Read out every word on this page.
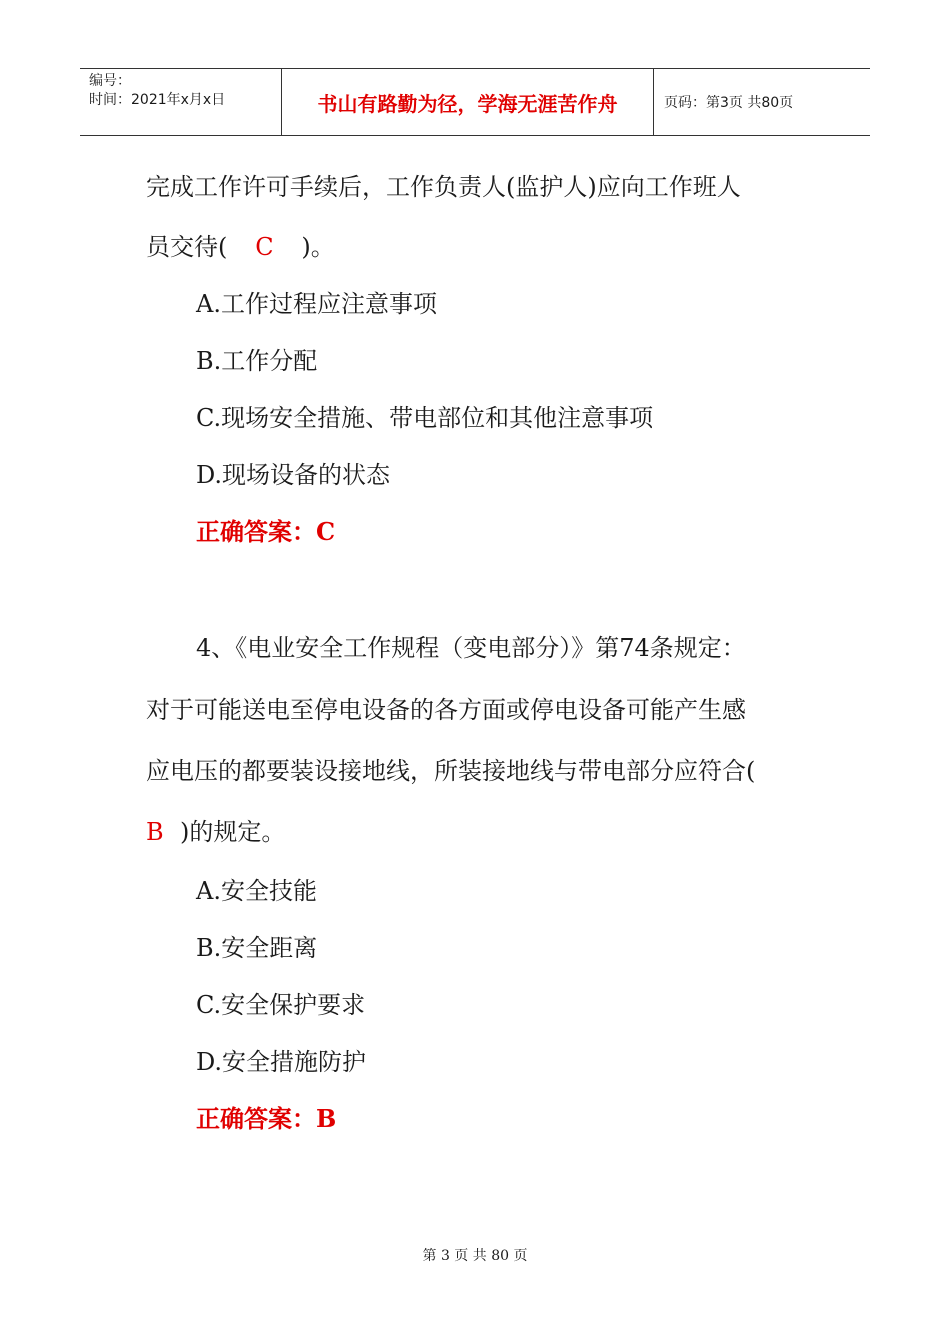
编号：
时间：2021年x月x日	书山有路勤为径，学海无涯苦作舟	页码：第3页 共80页
完成工作许可手续后，工作负责人(监护人)应向工作班人
员交待( C )。
A.工作过程应注意事项
B.工作分配
C.现场安全措施、带电部位和其他注意事项
D.现场设备的状态
正确答案：C
4、《电业安全工作规程（变电部分）》第74条规定：
对于可能送电至停电设备的各方面或停电设备可能产生感
应电压的都要装设接地线，所装接地线与带电部分应符合(
B )的规定。
A.安全技能
B.安全距离
C.安全保护要求
D.安全措施防护
正确答案：B
第 3 页 共 80 页
